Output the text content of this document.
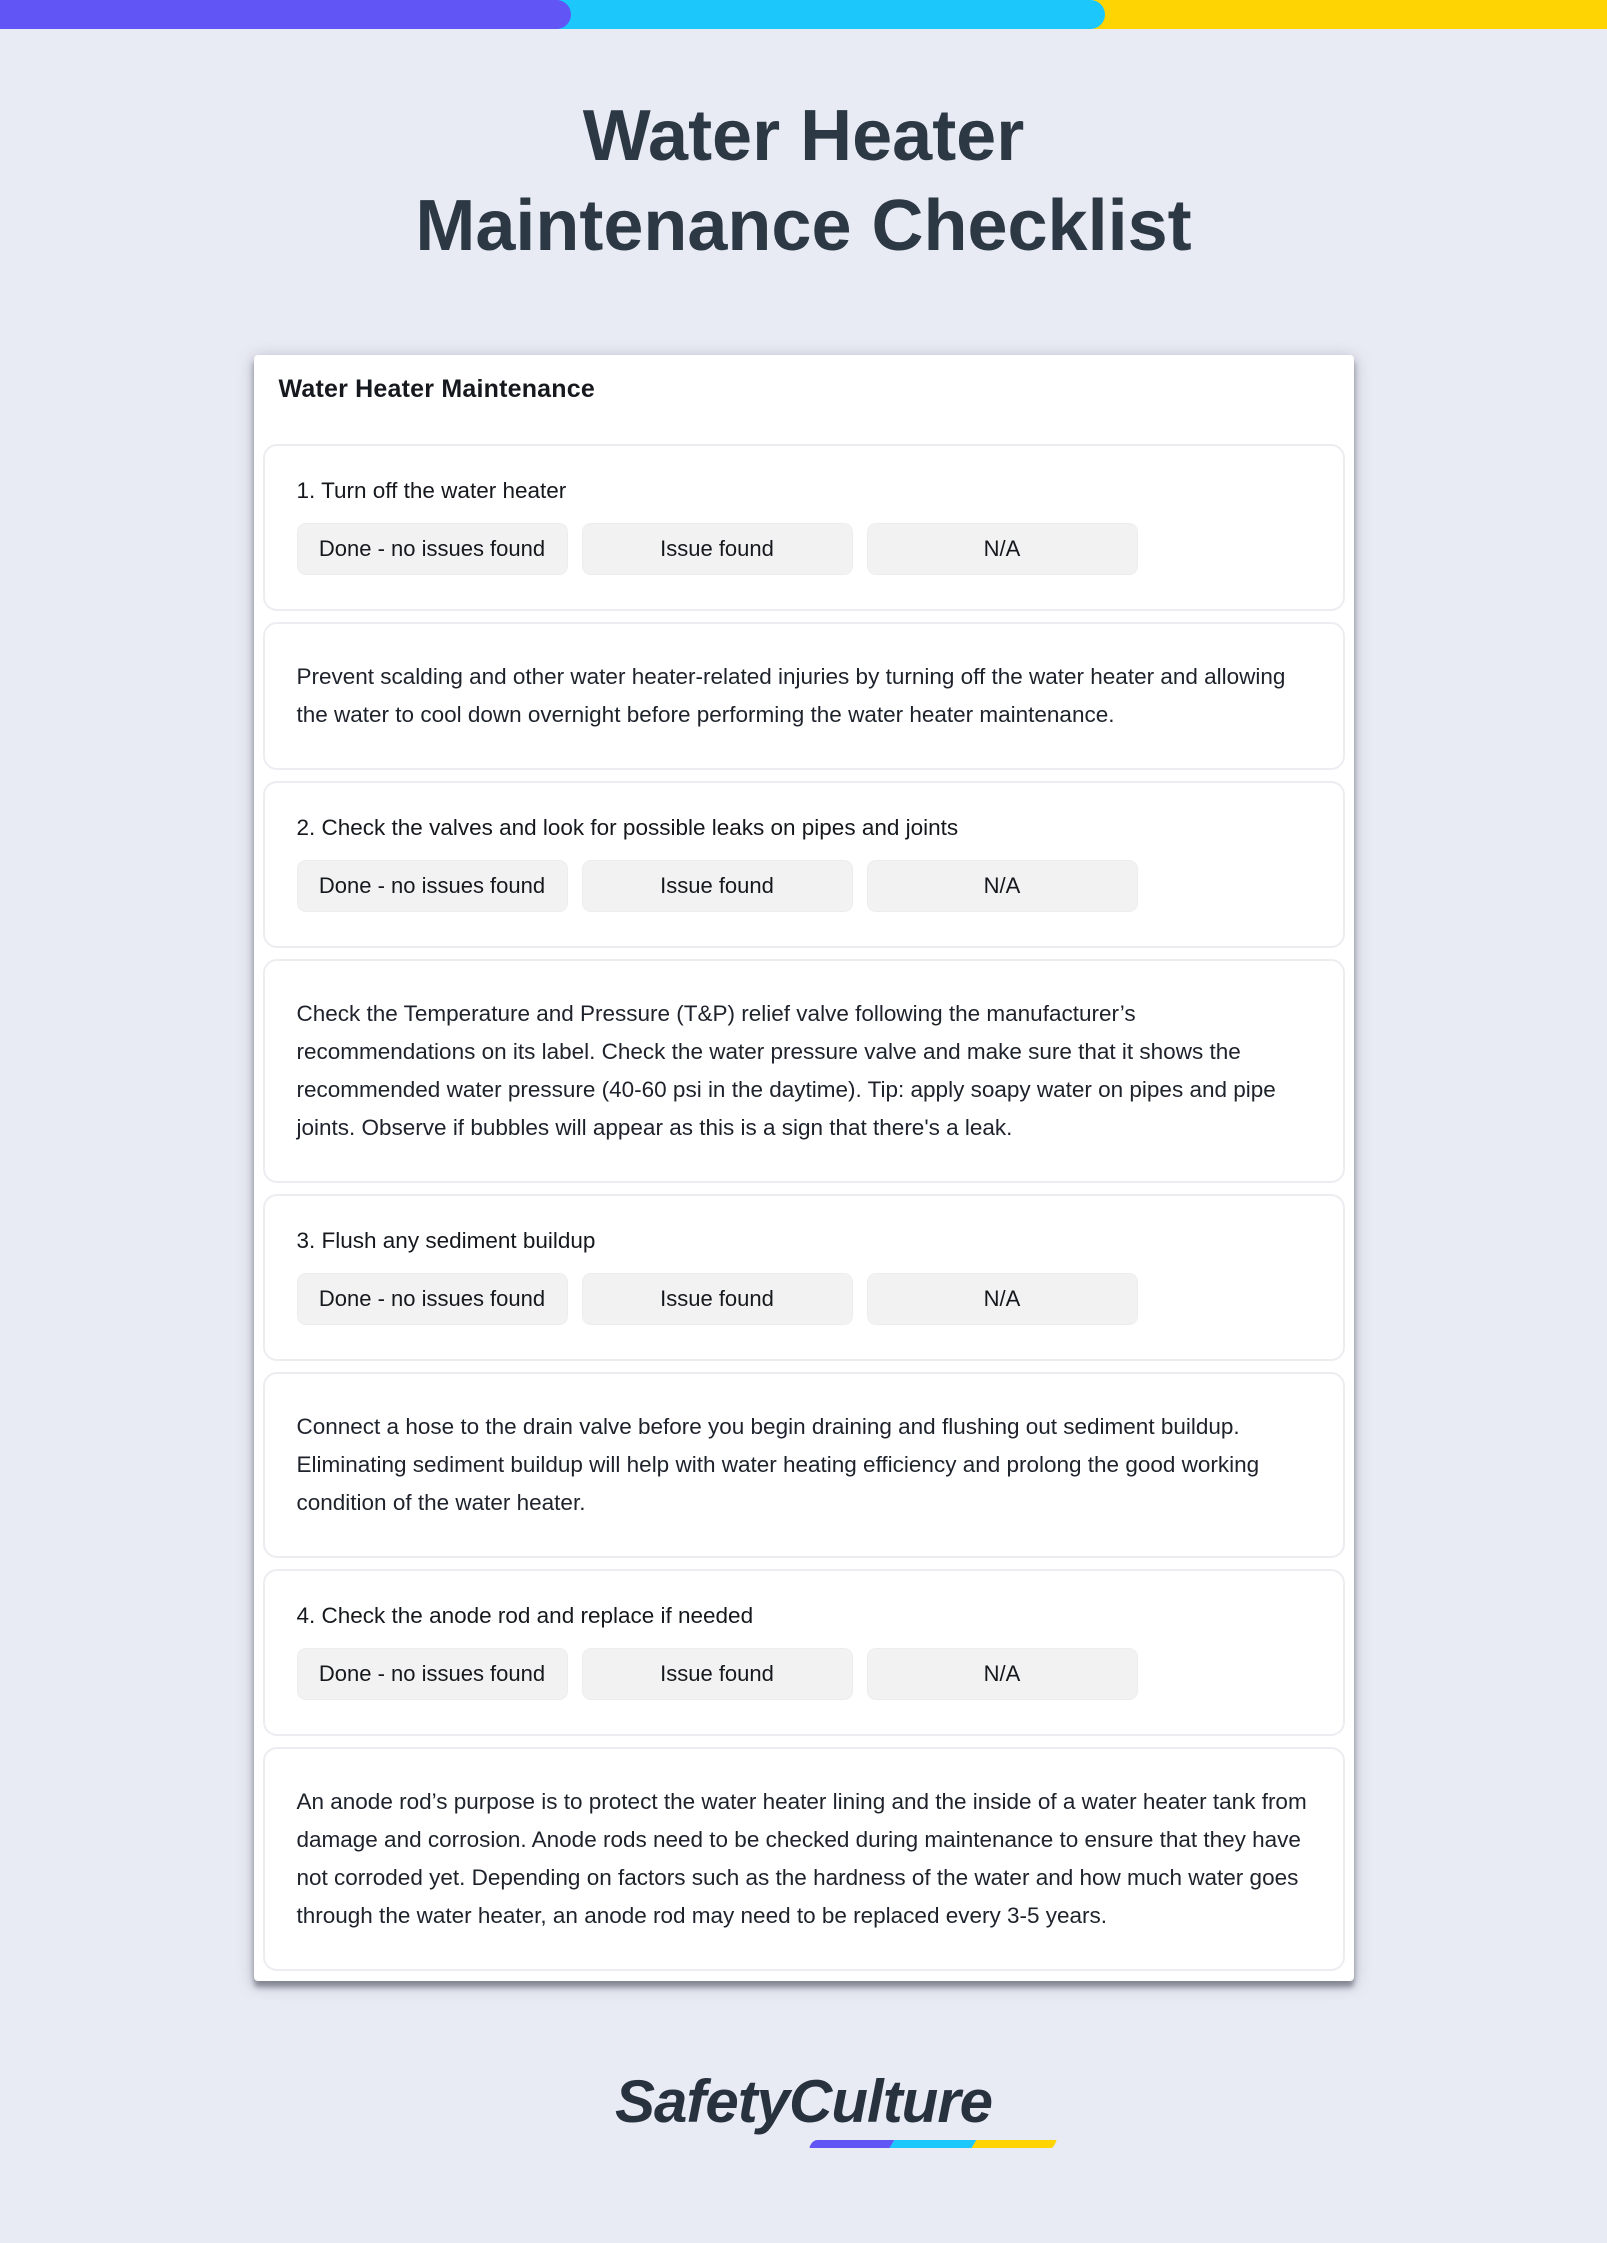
Water Heater
Maintenance Checklist
Water Heater Maintenance
1. Turn off the water heater
Done - no issues found	Issue found	N/A
Prevent scalding and other water heater-related injuries by turning off the water heater and allowing the water to cool down overnight before performing the water heater maintenance.
2. Check the valves and look for possible leaks on pipes and joints
Done - no issues found	Issue found	N/A
Check the Temperature and Pressure (T&P) relief valve following the manufacturer’s recommendations on its label. Check the water pressure valve and make sure that it shows the recommended water pressure (40-60 psi in the daytime). Tip: apply soapy water on pipes and pipe joints. Observe if bubbles will appear as this is a sign that there's a leak.
3. Flush any sediment buildup
Done - no issues found	Issue found	N/A
Connect a hose to the drain valve before you begin draining and flushing out sediment buildup. Eliminating sediment buildup will help with water heating efficiency and prolong the good working condition of the water heater.
4. Check the anode rod and replace if needed
Done - no issues found	Issue found	N/A
An anode rod’s purpose is to protect the water heater lining and the inside of a water heater tank from damage and corrosion. Anode rods need to be checked during maintenance to ensure that they have not corroded yet. Depending on factors such as the hardness of the water and how much water goes through the water heater, an anode rod may need to be replaced every 3-5 years.
SafetyCulture
